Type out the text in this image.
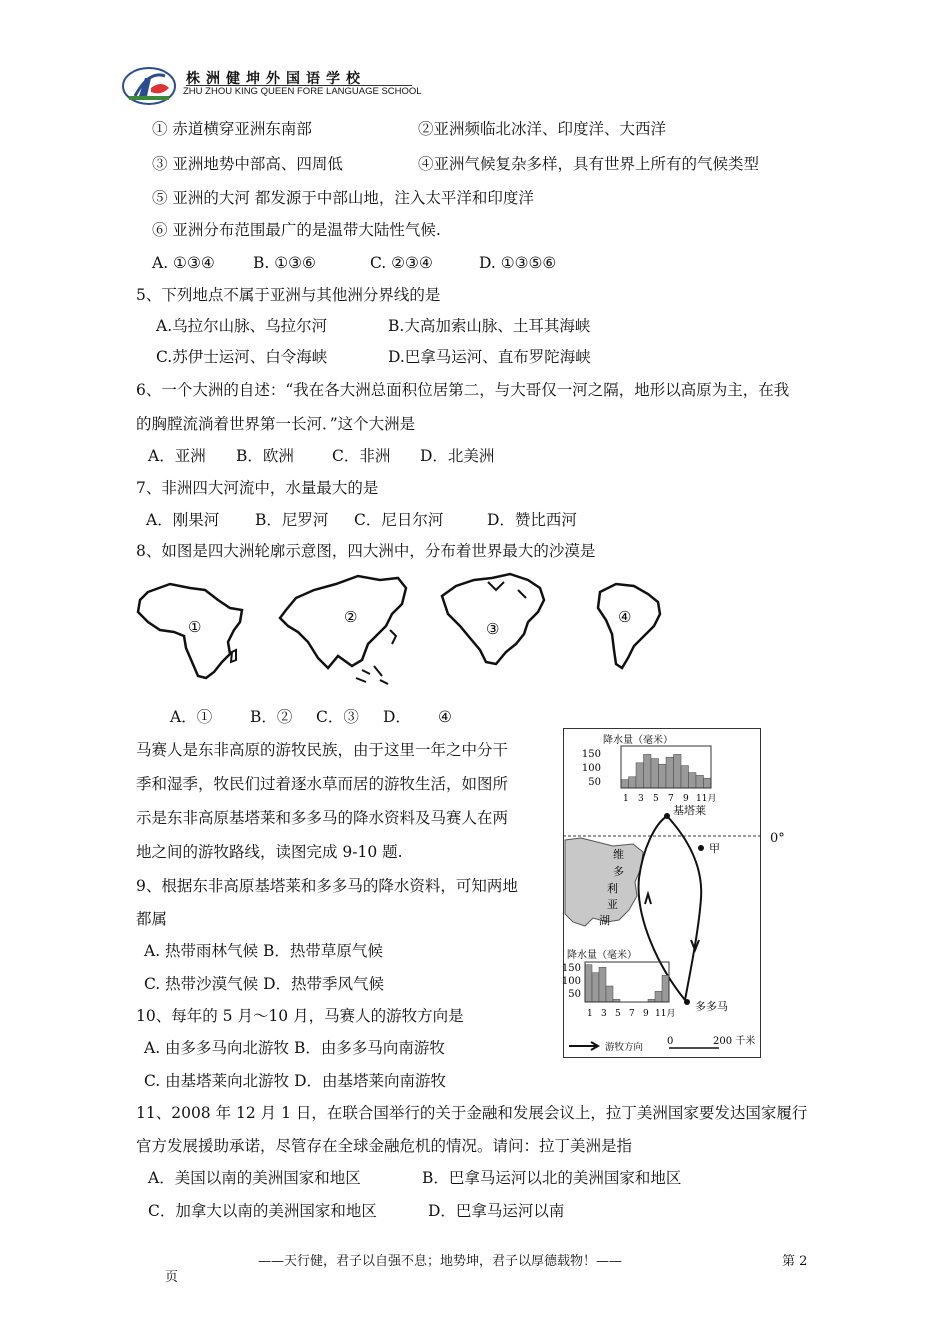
株洲健坤外国语学校
ZHU ZHOU KING QUEEN FORE LANGUAGE SCHOOL
① 赤道横穿亚洲东南部	②亚洲频临北冰洋、印度洋、大西洋
③ 亚洲地势中部高、四周低	④亚洲气候复杂多样，具有世界上所有的气候类型
⑤ 亚洲的大河 都发源于中部山地，注入太平洋和印度洋
⑥ 亚洲分布范围最广的是温带大陆性气候.
A. ①③④ B. ①③⑥	C. ②③④	D. ①③⑤⑥
5、下列地点不属于亚洲与其他洲分界线的是
A.乌拉尔山脉、乌拉尔河	B.大高加索山脉、土耳其海峡
C.苏伊士运河、白令海峡	D.巴拿马运河、直布罗陀海峡
6、一个大洲的自述：“我在各大洲总面积位居第二，与大哥仅一河之隔，地形以高原为主，在我
的胸膛流淌着世界第一长河．”这个大洲是
A．亚洲 B．欧洲 C．非洲 D．北美洲
7、非洲四大河流中，水量最大的是
A．刚果河 B．尼罗河 C．尼日尔河	D．赞比西河
8、如图是四大洲轮廓示意图，四大洲中，分布着世界最大的沙漠是
①
②
③
④
A．① B．② C．③ D． ④
马赛人是东非高原的游牧民族，由于这里一年之中分干
季和湿季，牧民们过着逐水草而居的游牧生活，如图所
示是东非高原基塔莱和多多马的降水资料及马赛人在两
地之间的游牧路线，读图完成 9-10 题.
9、根据东非高原基塔莱和多多马的降水资料，可知两地
都属
A. 热带雨林气候 B．热带草原气候
C. 热带沙漠气候 D．热带季风气候
10、每年的 5 月～10 月，马赛人的游牧方向是
A. 由多多马向北游牧 B．由多多马向南游牧
C. 由基塔莱向北游牧 D．由基塔莱向南游牧
降水量（毫米）
150
100
50
1 3 5 7 9 11月
维
多
利
亚
湖
基塔莱
甲
多多马
降水量（毫米）
150
100
50
1 3 5 7 9 11月
游牧方向
0	200 千米
0°
11、2008 年 12 月 1 日，在联合国举行的关于金融和发展会议上，拉丁美洲国家要发达国家履行
官方发展援助承诺，尽管存在全球金融危机的情况。请问：拉丁美洲是指
A．美国以南的美洲国家和地区	B．巴拿马运河以北的美洲国家和地区
C．加拿大以南的美洲国家和地区	D．巴拿马运河以南
——天行健，君子以自强不息；地势坤，君子以厚德载物！——	第 2
页
